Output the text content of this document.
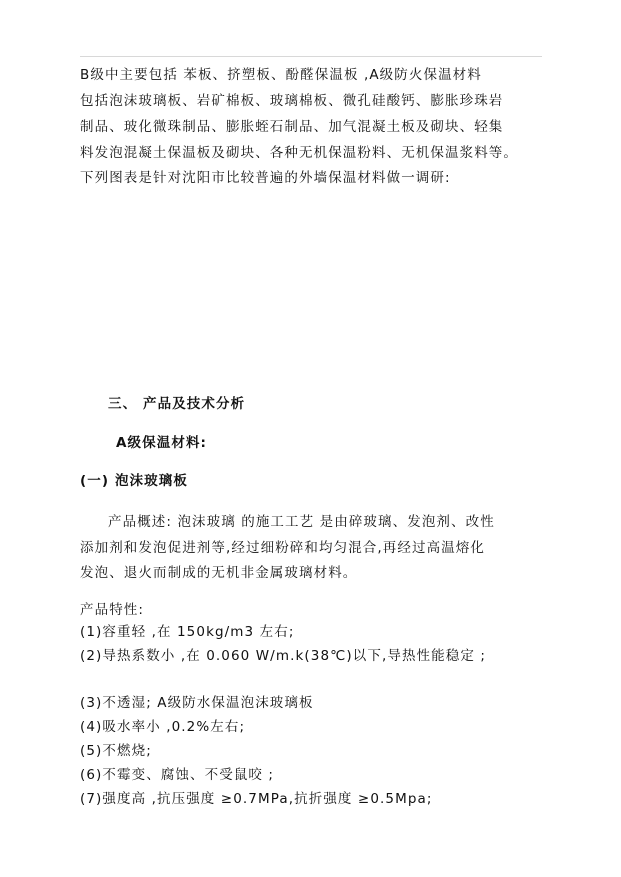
B级中主要包括 苯板、挤塑板、酚醛保温板 ,A级防火保温材料
包括泡沫玻璃板、岩矿棉板、玻璃棉板、微孔硅酸钙、膨胀珍珠岩
制品、玻化微珠制品、膨胀蛭石制品、加气混凝土板及砌块、轻集
料发泡混凝土保温板及砌块、各种无机保温粉料、无机保温浆料等。
下列图表是针对沈阳市比较普遍的外墙保温材料做一调研:
三、 产品及技术分析
A级保温材料:
(一) 泡沫玻璃板
产品概述: 泡沫玻璃 的施工工艺 是由碎玻璃、发泡剂、改性
添加剂和发泡促进剂等,经过细粉碎和均匀混合,再经过高温熔化
发泡、退火而制成的无机非金属玻璃材料。
产品特性:
(1)容重轻 ,在 150kg/m3 左右;
(2)导热系数小 ,在 0.060 W/m.k(38℃)以下,导热性能稳定 ;
(3)不透湿; A级防水保温泡沫玻璃板
(4)吸水率小 ,0.2%左右;
(5)不燃烧;
(6)不霉变、腐蚀、不受鼠咬 ;
(7)强度高 ,抗压强度 ≥0.7MPa,抗折强度 ≥0.5Mpa;
